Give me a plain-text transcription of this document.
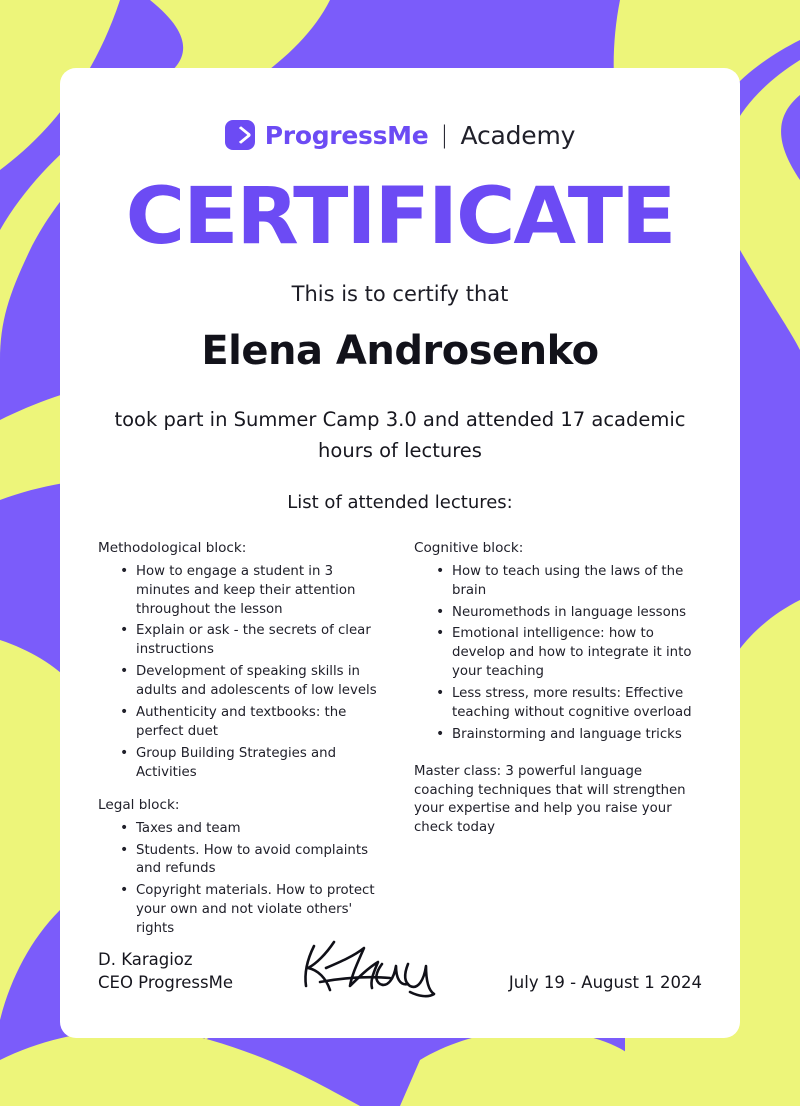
ProgressMe | Academy
CERTIFICATE
This is to certify that
Elena Androsenko
took part in Summer Camp 3.0 and attended 17 academic hours of lectures
List of attended lectures:
Methodological block:
• How to engage a student in 3 minutes and keep their attention throughout the lesson
• Explain or ask - the secrets of clear instructions
• Development of speaking skills in adults and adolescents of low levels
• Authenticity and textbooks: the perfect duet
• Group Building Strategies and Activities
Legal block:
• Taxes and team
• Students. How to avoid complaints and refunds
• Copyright materials. How to protect your own and not violate others' rights
Cognitive block:
• How to teach using the laws of the brain
• Neuromethods in language lessons
• Emotional intelligence: how to develop and how to integrate it into your teaching
• Less stress, more results: Effective teaching without cognitive overload
• Brainstorming and language tricks
Master class: 3 powerful language coaching techniques that will strengthen your expertise and help you raise your check today
D. Karagioz
CEO ProgressMe	July 19 - August 1 2024
